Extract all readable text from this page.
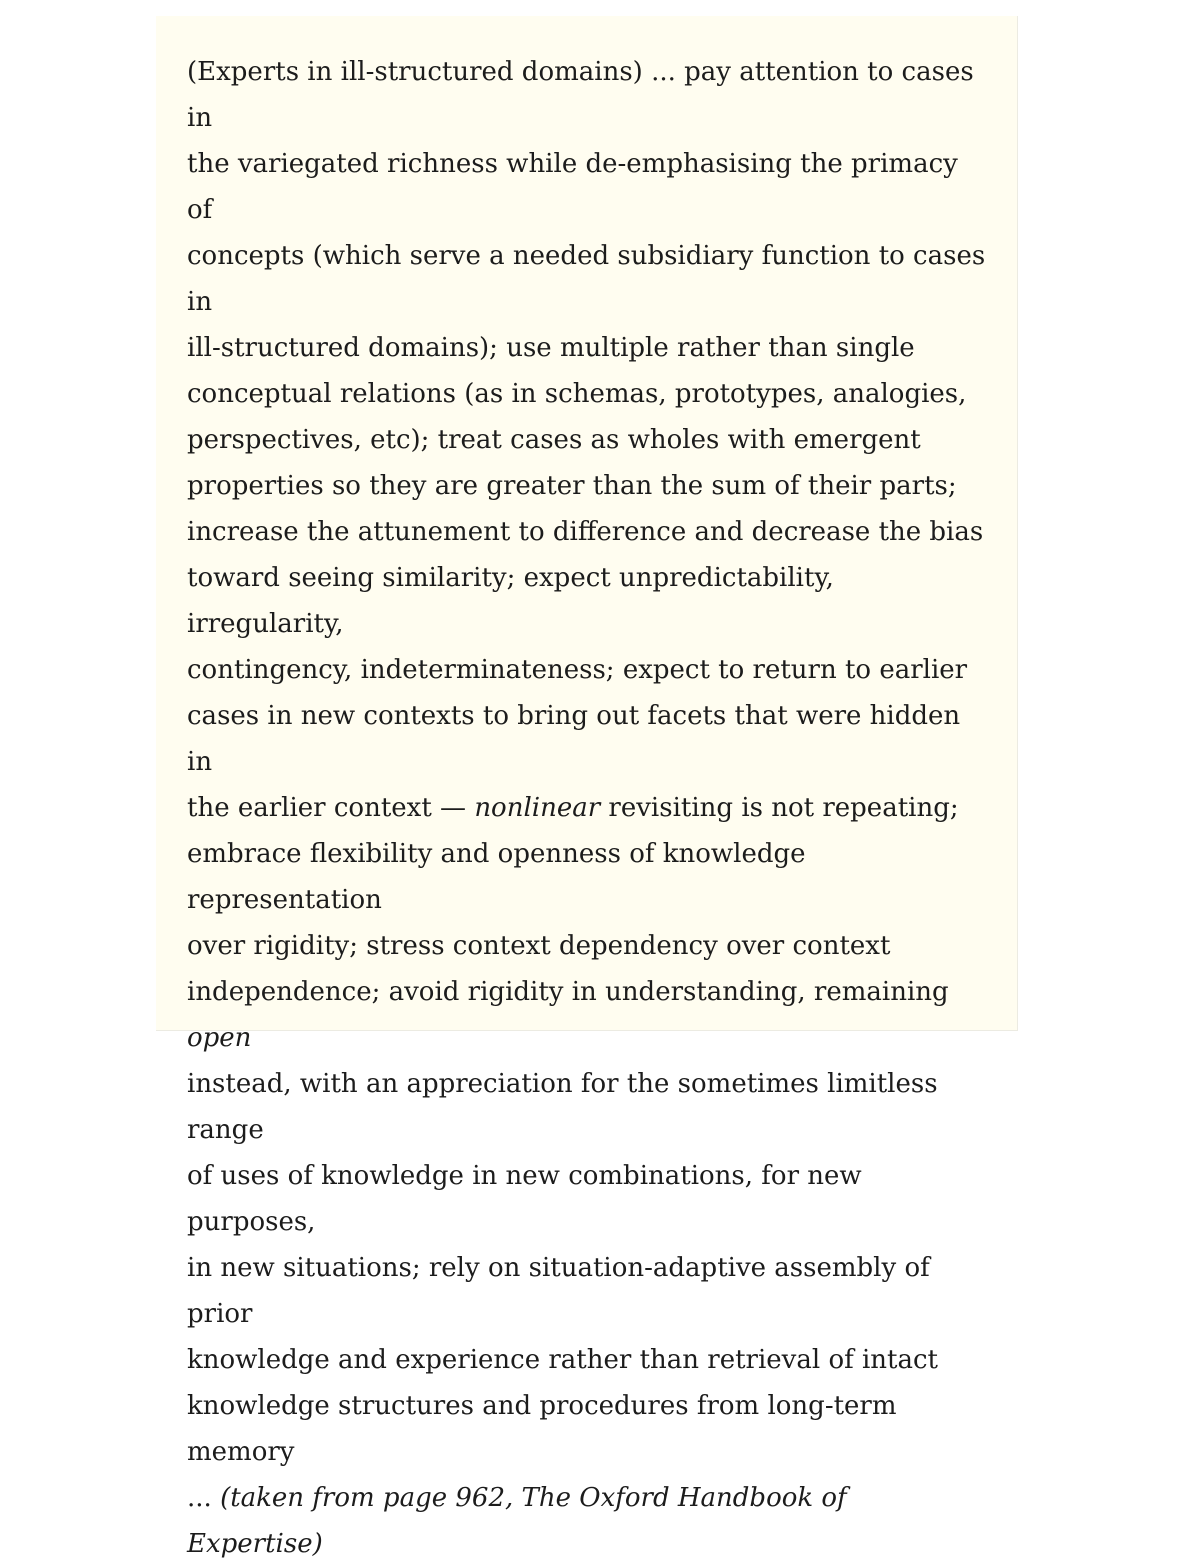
(Experts in ill-structured domains) ... pay attention to cases in
the variegated richness while de-emphasising the primacy of
concepts (which serve a needed subsidiary function to cases in
ill-structured domains); use multiple rather than single
conceptual relations (as in schemas, prototypes, analogies,
perspectives, etc); treat cases as wholes with emergent
properties so they are greater than the sum of their parts;
increase the attunement to difference and decrease the bias
toward seeing similarity; expect unpredictability, irregularity,
contingency, indeterminateness; expect to return to earlier
cases in new contexts to bring out facets that were hidden in
the earlier context — nonlinear revisiting is not repeating;
embrace flexibility and openness of knowledge representation
over rigidity; stress context dependency over context
independence; avoid rigidity in understanding, remaining open
instead, with an appreciation for the sometimes limitless range
of uses of knowledge in new combinations, for new purposes,
in new situations; rely on situation-adaptive assembly of prior
knowledge and experience rather than retrieval of intact
knowledge structures and procedures from long-term memory
... (taken from page 962, The Oxford Handbook of Expertise)
